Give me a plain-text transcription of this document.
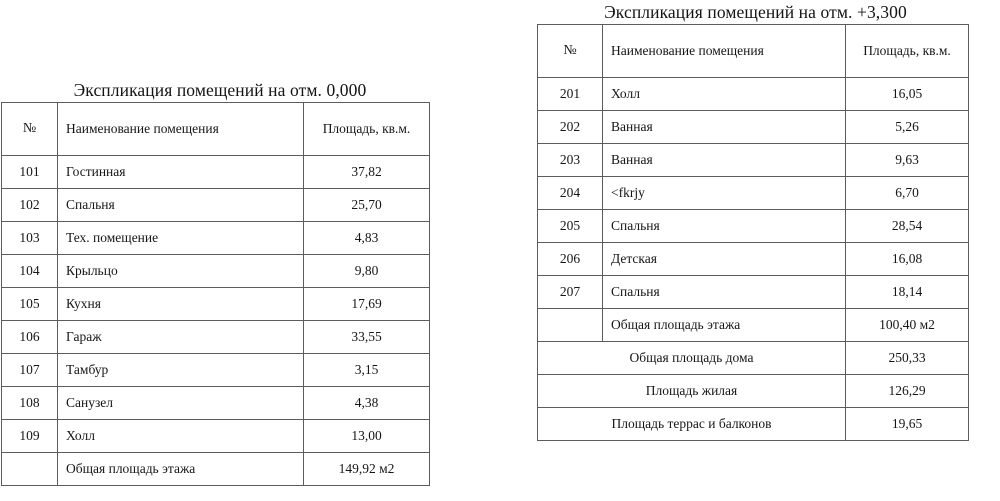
Экспликация помещений на отм. 0,000
№	Наименование помещения	Площадь, кв.м.
101	Гостинная	37,82
102	Спальня	25,70
103	Тех. помещение	4,83
104	Крыльцо	9,80
105	Кухня	17,69
106	Гараж	33,55
107	Тамбур	3,15
108	Санузел	4,38
109	Холл	13,00
	Общая площадь этажа	149,92 м2
Экспликация помещений на отм. +3,300
№	Наименование помещения	Площадь, кв.м.
201	Холл	16,05
202	Ванная	5,26
203	Ванная	9,63
204	<fkrjy	6,70
205	Спальня	28,54
206	Детская	16,08
207	Спальня	18,14
	Общая площадь этажа	100,40 м2
Общая площадь дома		250,33
Площадь жилая		126,29
Площадь террас и балконов		19,65
